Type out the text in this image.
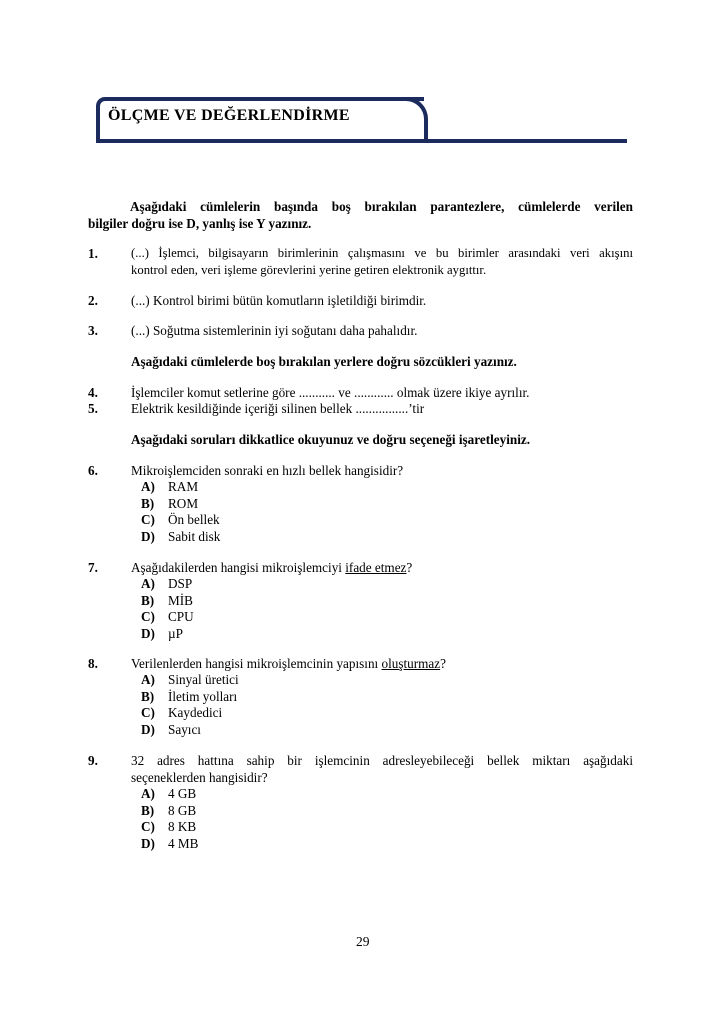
ÖLÇME VE DEĞERLENDİRME
Aşağıdaki cümlelerin başında boş bırakılan parantezlere, cümlelerde verilen
bilgiler doğru ise D, yanlış ise Y yazınız.
1.	(...) İşlemci, bilgisayarın birimlerinin çalışmasını ve bu birimler arasındaki veri akışını
kontrol eden, veri işleme görevlerini yerine getiren elektronik aygıttır.
2.	(...) Kontrol birimi bütün komutların işletildiği birimdir.
3.	(...) Soğutma sistemlerinin iyi soğutanı daha pahalıdır.
Aşağıdaki cümlelerde boş bırakılan yerlere doğru sözcükleri yazınız.
4.	İşlemciler komut setlerine göre ........... ve ............ olmak üzere ikiye ayrılır.
5.	Elektrik kesildiğinde içeriği silinen bellek ................’tir
Aşağıdaki soruları dikkatlice okuyunuz ve doğru seçeneği işaretleyiniz.
6.	Mikroişlemciden sonraki en hızlı bellek hangisidir?
A) RAM
B) ROM
C) Ön bellek
D) Sabit disk
7.	Aşağıdakilerden hangisi mikroişlemciyi ifade etmez?
A) DSP
B) MİB
C) CPU
D) µP
8.	Verilenlerden hangisi mikroişlemcinin yapısını oluşturmaz?
A) Sinyal üretici
B) İletim yolları
C) Kaydedici
D) Sayıcı
9.	32 adres hattına sahip bir işlemcinin adresleyebileceği bellek miktarı aşağıdaki
seçeneklerden hangisidir?
A) 4 GB
B) 8 GB
C) 8 KB
D) 4 MB
29
